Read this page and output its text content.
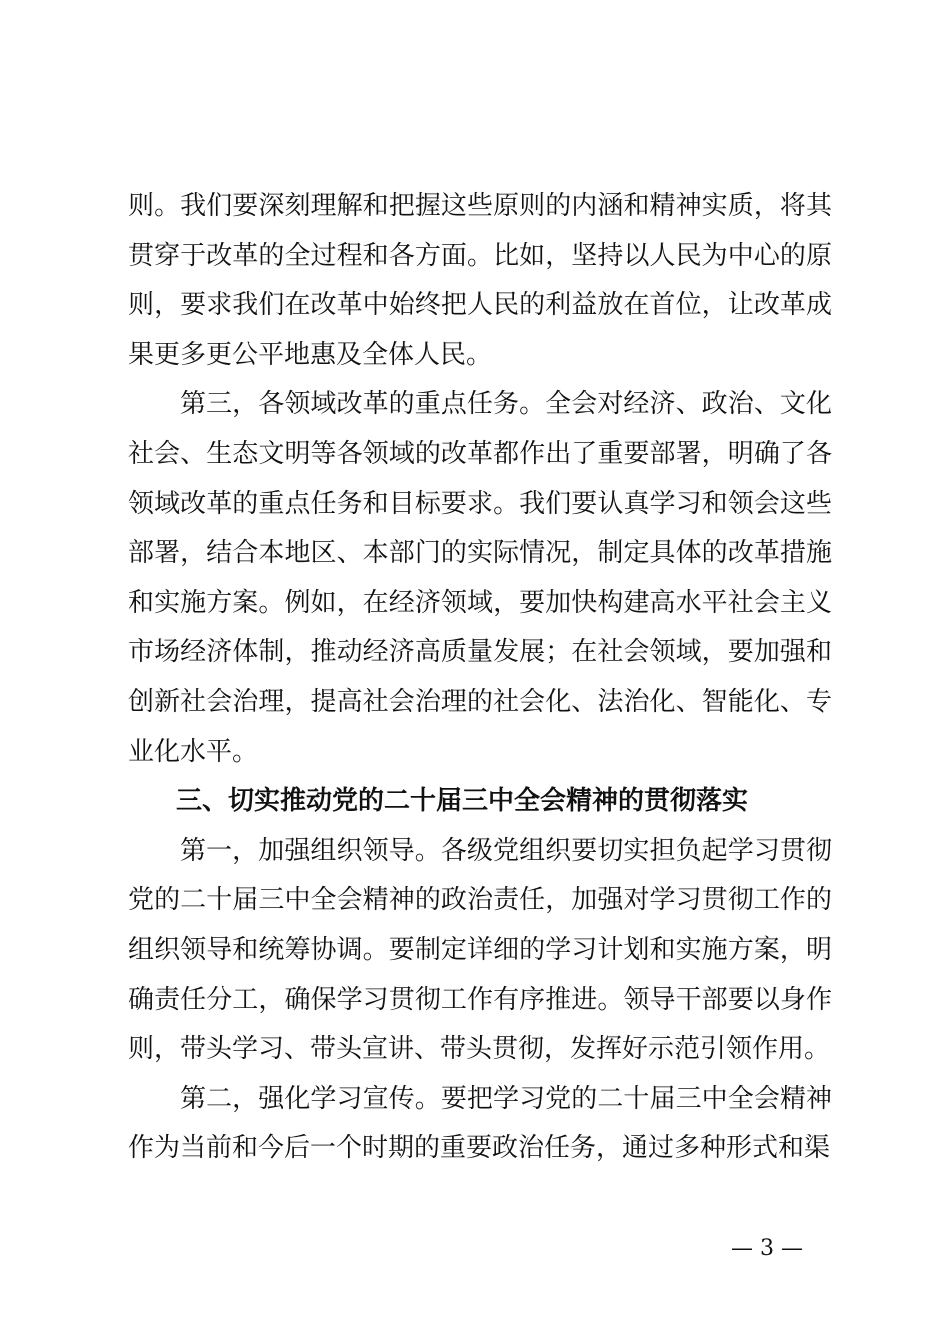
则。我们要深刻理解和把握这些原则的内涵和精神实质，将其贯穿于改革的全过程和各方面。比如，坚持以人民为中心的原则，要求我们在改革中始终把人民的利益放在首位，让改革成果更多更公平地惠及全体人民。

第三，各领域改革的重点任务。全会对经济、政治、文化社会、生态文明等各领域的改革都作出了重要部署，明确了各领域改革的重点任务和目标要求。我们要认真学习和领会这些部署，结合本地区、本部门的实际情况，制定具体的改革措施和实施方案。例如，在经济领域，要加快构建高水平社会主义市场经济体制，推动经济高质量发展；在社会领域，要加强和创新社会治理，提高社会治理的社会化、法治化、智能化、专业化水平。

三、切实推动党的二十届三中全会精神的贯彻落实

第一，加强组织领导。各级党组织要切实担负起学习贯彻党的二十届三中全会精神的政治责任，加强对学习贯彻工作的组织领导和统筹协调。要制定详细的学习计划和实施方案，明确责任分工，确保学习贯彻工作有序推进。领导干部要以身作则，带头学习、带头宣讲、带头贯彻，发挥好示范引领作用。

第二，强化学习宣传。要把学习党的二十届三中全会精神作为当前和今后一个时期的重要政治任务，通过多种形式和渠

— 3 —
